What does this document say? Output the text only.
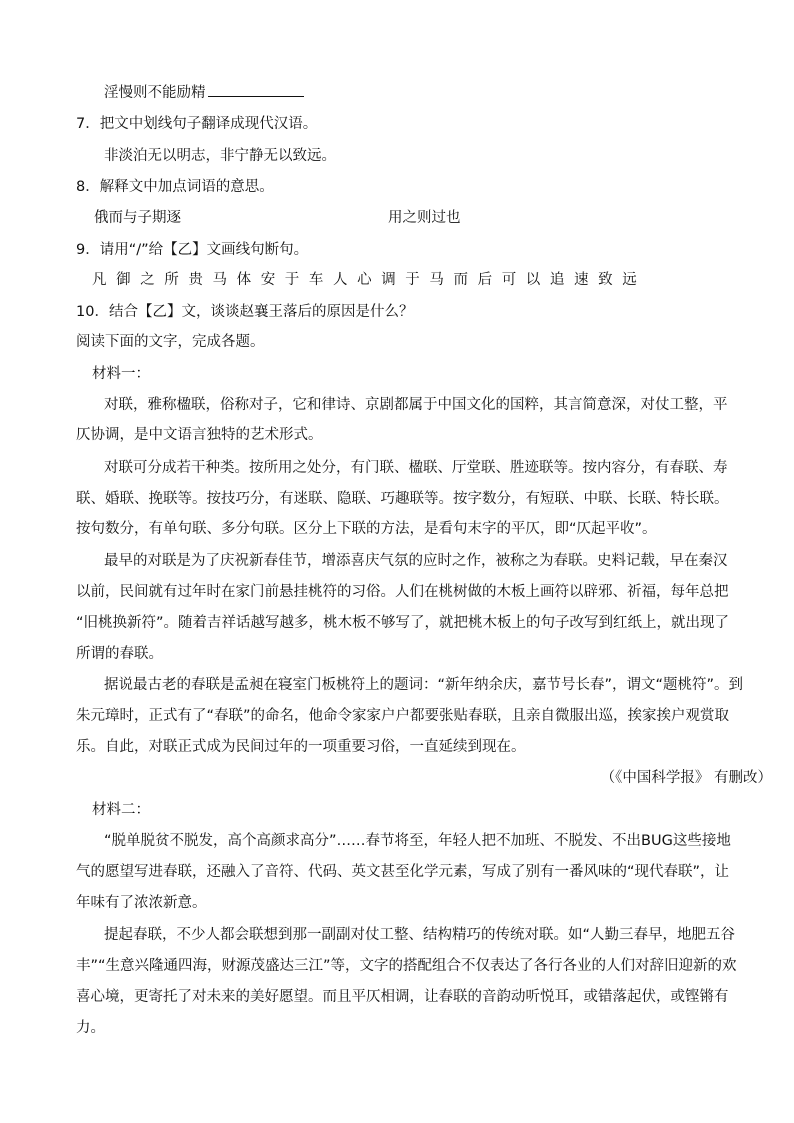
淫慢则不能励精
7．把文中划线句子翻译成现代汉语。
非淡泊无以明志，非宁静无以致远。
8．解释文中加点词语的意思。
俄而与子期逐	用之则过也
9．请用“/”给【乙】文画线句断句。
凡御之所贵马体安于车人心调于马而后可以追速致远
10．结合【乙】文，谈谈赵襄王落后的原因是什么？
阅读下面的文字，完成各题。
材料一：
对联，雅称楹联，俗称对子，它和律诗、京剧都属于中国文化的国粹，其言简意深，对仗工整，平
仄协调，是中文语言独特的艺术形式。
对联可分成若干种类。按所用之处分，有门联、楹联、厅堂联、胜迹联等。按内容分，有春联、寿
联、婚联、挽联等。按技巧分，有迷联、隐联、巧趣联等。按字数分，有短联、中联、长联、特长联。
按句数分，有单句联、多分句联。区分上下联的方法，是看句末字的平仄，即“仄起平收”。
最早的对联是为了庆祝新春佳节，增添喜庆气氛的应时之作，被称之为春联。史料记载，早在秦汉
以前，民间就有过年时在家门前悬挂桃符的习俗。人们在桃树做的木板上画符以辟邪、祈福，每年总把
“旧桃换新符”。随着吉祥话越写越多，桃木板不够写了，就把桃木板上的句子改写到红纸上，就出现了
所谓的春联。
据说最古老的春联是孟昶在寝室门板桃符上的题词：“新年纳余庆，嘉节号长春”，谓文“题桃符”。到
朱元璋时，正式有了“春联”的命名，他命令家家户户都要张贴春联，且亲自微服出巡，挨家挨户观赏取
乐。自此，对联正式成为民间过年的一项重要习俗，一直延续到现在。
（《中国科学报》 有删改）
材料二：
“脱单脱贫不脱发，高个高颜求高分”……春节将至，年轻人把不加班、不脱发、不出BUG这些接地
气的愿望写进春联，还融入了音符、代码、英文甚至化学元素，写成了别有一番风味的“现代春联”，让
年味有了浓浓新意。
提起春联，不少人都会联想到那一副副对仗工整、结构精巧的传统对联。如“人勤三春早，地肥五谷
丰”“生意兴隆通四海，财源茂盛达三江”等，文字的搭配组合不仅表达了各行各业的人们对辞旧迎新的欢
喜心境，更寄托了对未来的美好愿望。而且平仄相调，让春联的音韵动听悦耳，或错落起伏，或铿锵有
力。
